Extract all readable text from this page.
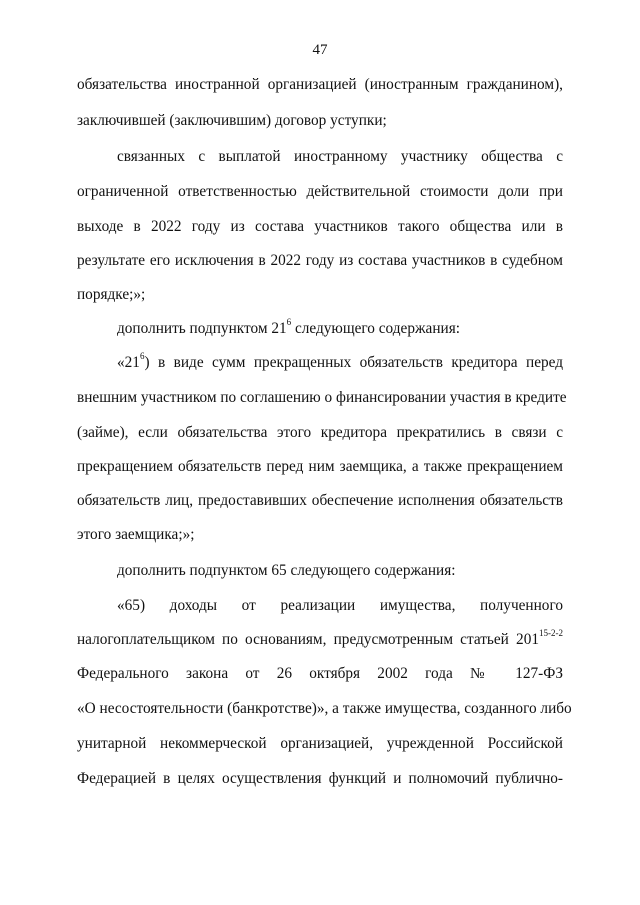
47
обязательства иностранной организацией (иностранным гражданином),
заключившей (заключившим) договор уступки;
связанных с выплатой иностранному участнику общества с
ограниченной ответственностью действительной стоимости доли при
выходе в 2022 году из состава участников такого общества или в
результате его исключения в 2022 году из состава участников в судебном
порядке;»;
дополнить подпунктом $21^6$ следующего содержания:
«$21^6$) в виде сумм прекращенных обязательств кредитора перед
внешним участником по соглашению о финансировании участия в кредите
(займе), если обязательства этого кредитора прекратились в связи с
прекращением обязательств перед ним заемщика, а также прекращением
обязательств лиц, предоставивших обеспечение исполнения обязательств
этого заемщика;»;
дополнить подпунктом 65 следующего содержания:
«65) доходы от реализации имущества, полученного
налогоплательщиком по основаниям, предусмотренным статьей 201$^{15-2-2}$
Федерального закона от 26 октября 2002 года № 127-ФЗ
«О несостоятельности (банкротстве)», а также имущества, созданного либо
унитарной некоммерческой организацией, учрежденной Российской
Федерацией в целях осуществления функций и полномочий публично-
